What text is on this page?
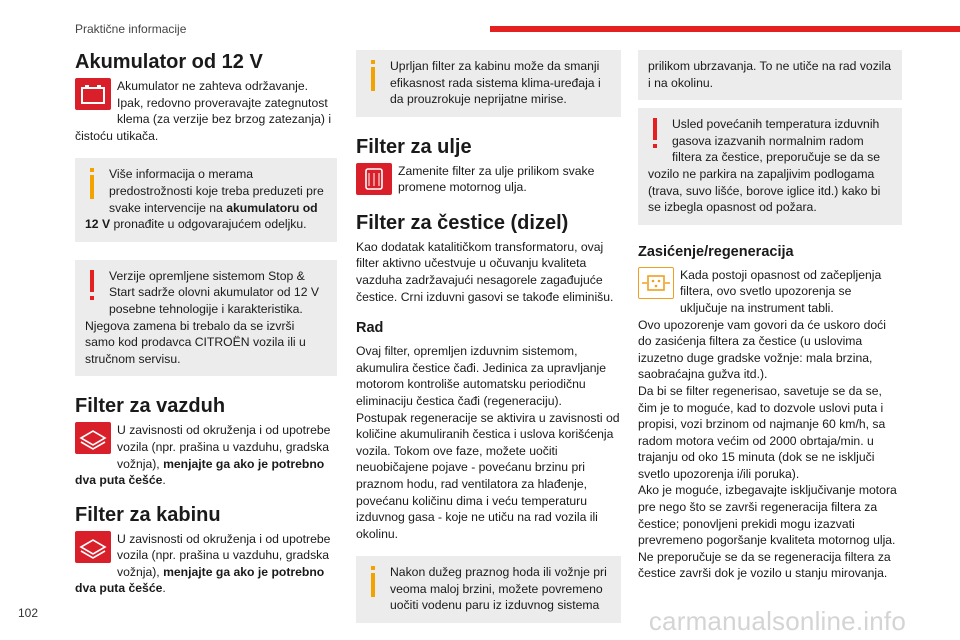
Praktične informacije
Akumulator od 12 V

Akumulator ne zahteva održavanje. Ipak, redovno proveravajte zategnutost klema (za verzije bez brzog zatezanja) i čistoću utikača.

Više informacija o merama predostrožnosti koje treba preduzeti pre svake intervencije na akumulatoru od 12 V pronađite u odgovarajućem odeljku.

Verzije opremljene sistemom Stop & Start sadrže olovni akumulator od 12 V posebne tehnologije i karakteristika.

Njegova zamena bi trebalo da se izvrši samo kod prodavca CITROËN vozila ili u stručnom servisu.

Filter za vazduh

U zavisnosti od okruženja i od upotrebe vozila (npr. prašina u vazduhu, gradska vožnja), menjajte ga ako je potrebno dva puta češće.

Filter za kabinu

U zavisnosti od okruženja i od upotrebe vozila (npr. prašina u vazduhu, gradska vožnja), menjajte ga ako je potrebno dva puta češće.

Uprljan filter za kabinu može da smanji efikasnost rada sistema klima-uređaja i da prouzrokuje neprijatne mirise.

Filter za ulje

Zamenite filter za ulje prilikom svake promene motornog ulja.

Filter za čestice (dizel)

Kao dodatak katalitičkom transformatoru, ovaj filter aktivno učestvuje u očuvanju kvaliteta vazduha zadržavajući nesagorele zagađujuće čestice. Crni izduvni gasovi se takođe eliminišu.

Rad

Ovaj filter, opremljen izduvnim sistemom, akumulira čestice čađi. Jedinica za upravljanje motorom kontroliše automatsku periodičnu eliminaciju čestica čađi (regeneraciju).

Postupak regeneracije se aktivira u zavisnosti od količine akumuliranih čestica i uslova korišćenja vozila. Tokom ove faze, možete uočiti neuobičajene pojave - povećanu brzinu pri praznom hodu, rad ventilatora za hlađenje, povećanu količinu dima i veću temperaturu izduvnog gasa - koje ne utiču na rad vozila ili okolinu.

Nakon dužeg praznog hoda ili vožnje pri veoma maloj brzini, možete povremeno uočiti vodenu paru iz izduvnog sistema

prilikom ubrzavanja. To ne utiče na rad vozila i na okolinu.

Usled povećanih temperatura izduvnih gasova izazvanih normalnim radom filtera za čestice, preporučuje se da se vozilo ne parkira na zapaljivim podlogama (trava, suvo lišće, borove iglice itd.) kako bi se izbegla opasnost od požara.

Zasićenje/regeneracija

Kada postoji opasnost od začepljenja filtera, ovo svetlo upozorenja se uključuje na instrument tabli.

Ovo upozorenje vam govori da će uskoro doći do zasićenja filtera za čestice (u uslovima izuzetno duge gradske vožnje: mala brzina, saobraćajna gužva itd.).

Da bi se filter regenerisao, savetuje se da se, čim je to moguće, kad to dozvole uslovi puta i propisi, vozi brzinom od najmanje 60 km/h, sa radom motora većim od 2000 obrtaja/min. u trajanju od oko 15 minuta (dok se ne isključi svetlo upozorenja i/ili poruka).

Ako je moguće, izbegavajte isključivanje motora pre nego što se završi regeneracija filtera za čestice; ponovljeni prekidi mogu izazvati prevremeno pogoršanje kvaliteta motornog ulja. Ne preporučuje se da se regeneracija filtera za čestice završi dok je vozilo u stanju mirovanja.

102	carmanualsonline.info
